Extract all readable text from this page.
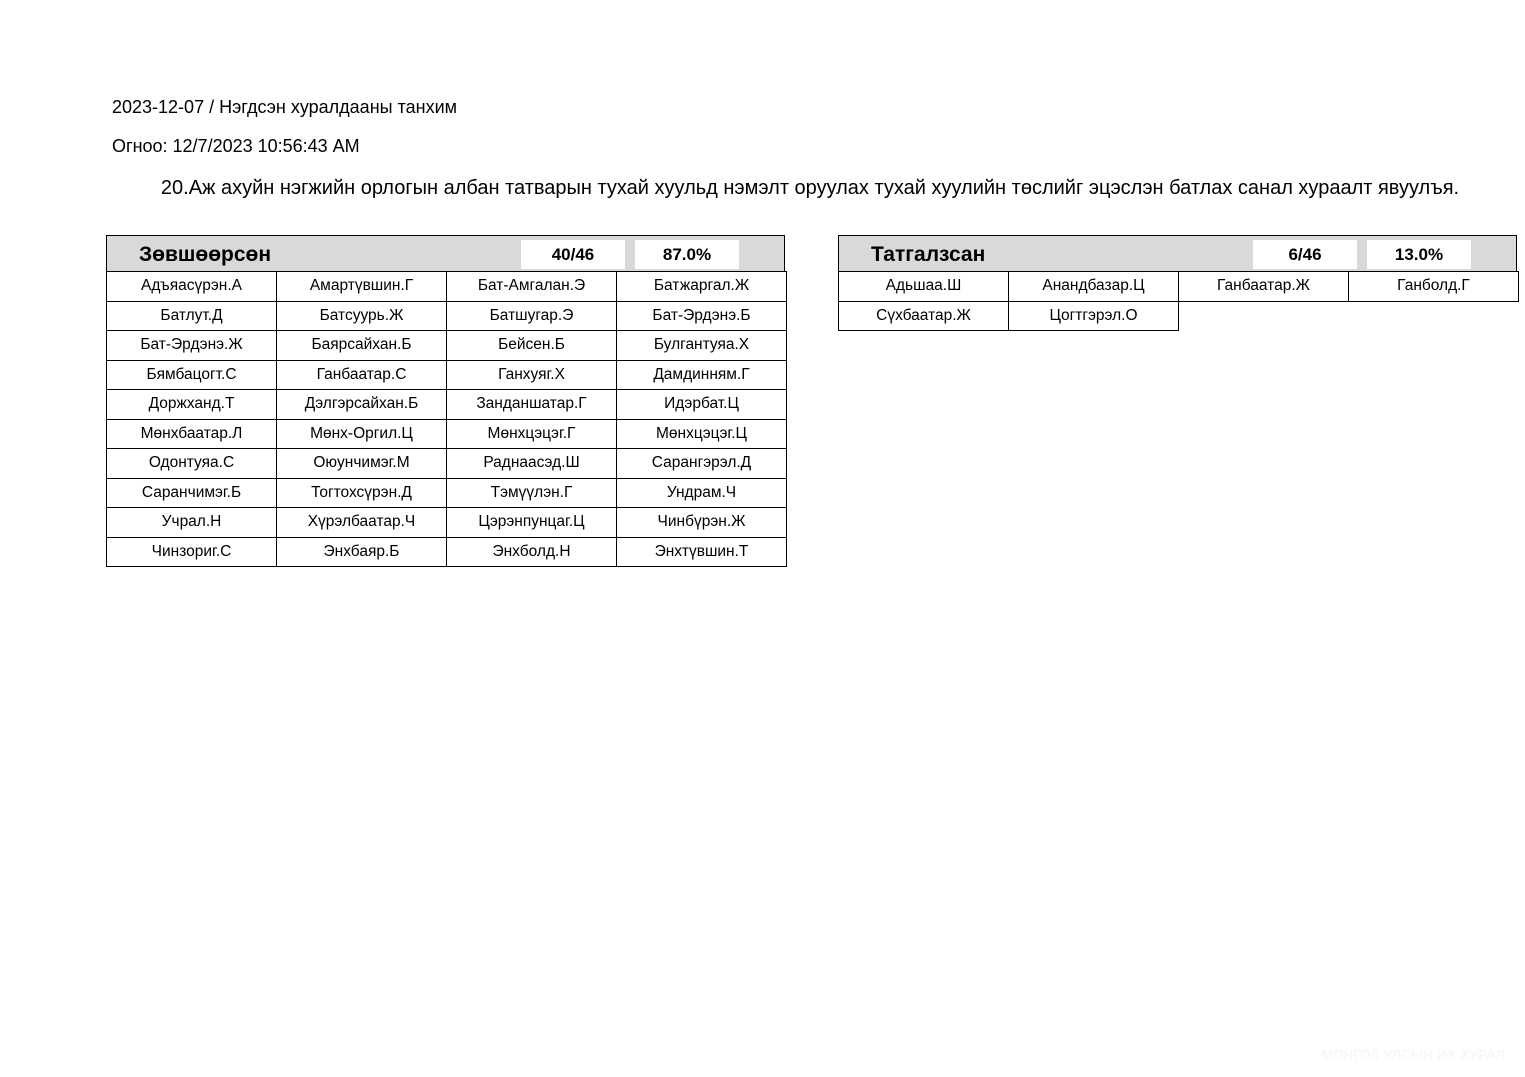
2023-12-07 / Нэгдсэн хуралдааны танхим
Огноо: 12/7/2023 10:56:43 AM
20.Аж ахуйн нэгжийн орлогын албан татварын тухай хуульд нэмэлт оруулах тухай хуулийн төслийг эцэслэн батлах санал хураалт явуулъя.
Зөвшөөрсөн	40/46	87.0%
Адъяасүрэн.А	Амартүвшин.Г	Бат-Амгалан.Э	Батжаргал.Ж
Батлут.Д	Батсуурь.Ж	Батшугар.Э	Бат-Эрдэнэ.Б
Бат-Эрдэнэ.Ж	Баярсайхан.Б	Бейсен.Б	Булгантуяа.Х
Бямбацогт.С	Ганбаатар.С	Ганхуяг.Х	Дамдинням.Г
Доржханд.Т	Дэлгэрсайхан.Б	Занданшатар.Г	Идэрбат.Ц
Мөнхбаатар.Л	Мөнх-Оргил.Ц	Мөнхцэцэг.Г	Мөнхцэцэг.Ц
Одонтуяа.С	Оюунчимэг.М	Раднаасэд.Ш	Сарангэрэл.Д
Саранчимэг.Б	Тогтохсүрэн.Д	Тэмүүлэн.Г	Ундрам.Ч
Учрал.Н	Хүрэлбаатар.Ч	Цэрэнпунцаг.Ц	Чинбүрэн.Ж
Чинзориг.С	Энхбаяр.Б	Энхболд.Н	Энхтүвшин.Т
Татгалзсан	6/46	13.0%
Адьшаа.Ш	Анандбазар.Ц	Ганбаатар.Ж	Ганболд.Г
Сүхбаатар.Ж	Цогтгэрэл.О
МОНГОЛ УЛСЫН ИХ ХУРАЛ
